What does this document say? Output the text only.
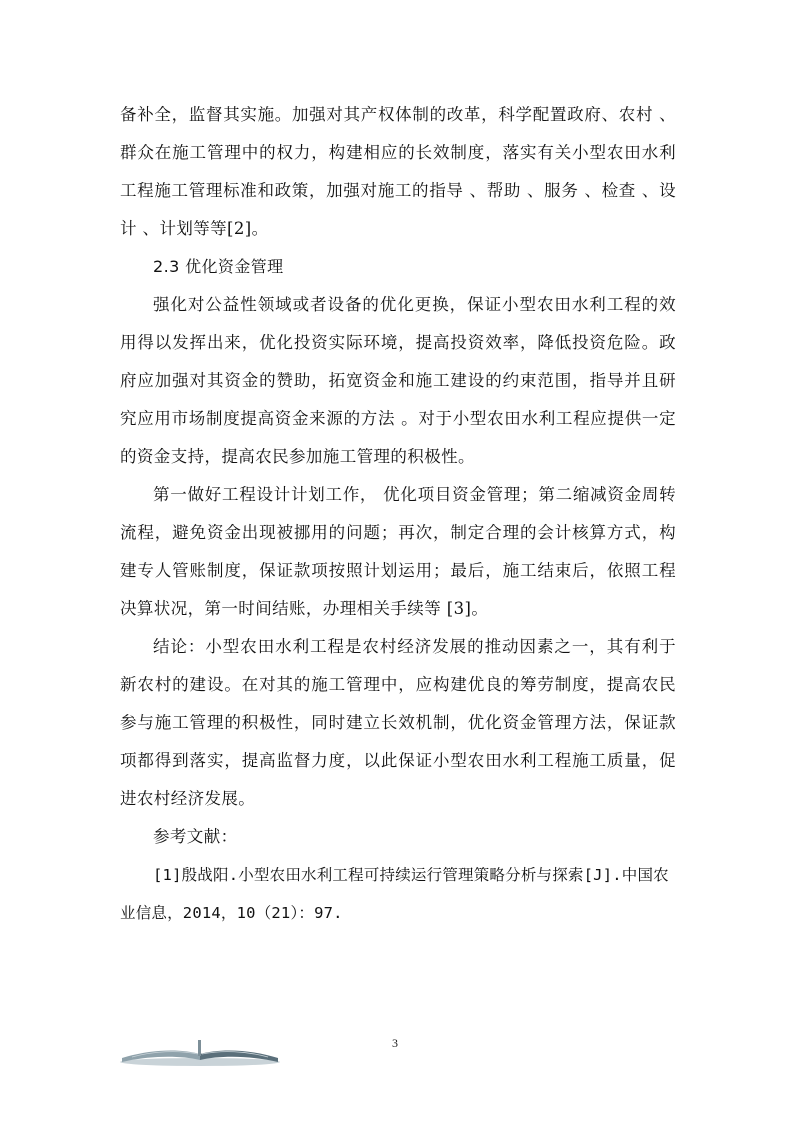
备补全，监督其实施。加强对其产权体制的改革，科学配置政府、农村 、群众在施工管理中的权力，构建相应的长效制度，落实有关小型农田水利工程施工管理标准和政策，加强对施工的指导 、帮助 、服务 、检查 、设计 、计划等等[2]。

2.3 优化资金管理

强化对公益性领域或者设备的优化更换，保证小型农田水利工程的效用得以发挥出来，优化投资实际环境，提高投资效率，降低投资危险。政府应加强对其资金的赞助，拓宽资金和施工建设的约束范围，指导并且研究应用市场制度提高资金来源的方法 。对于小型农田水利工程应提供一定的资金支持，提高农民参加施工管理的积极性。

第一做好工程设计计划工作， 优化项目资金管理；第二缩减资金周转流程，避免资金出现被挪用的问题；再次，制定合理的会计核算方式，构建专人管账制度，保证款项按照计划运用；最后，施工结束后，依照工程决算状况，第一时间结账，办理相关手续等 [3]。

结论：小型农田水利工程是农村经济发展的推动因素之一，其有利于新农村的建设。在对其的施工管理中，应构建优良的筹劳制度，提高农民参与施工管理的积极性，同时建立长效机制，优化资金管理方法，保证款项都得到落实，提高监督力度，以此保证小型农田水利工程施工质量，促进农村经济发展。

参考文献：

[1]殷战阳.小型农田水利工程可持续运行管理策略分析与探索[J].中国农业信息，2014，10（21）：97.

3
